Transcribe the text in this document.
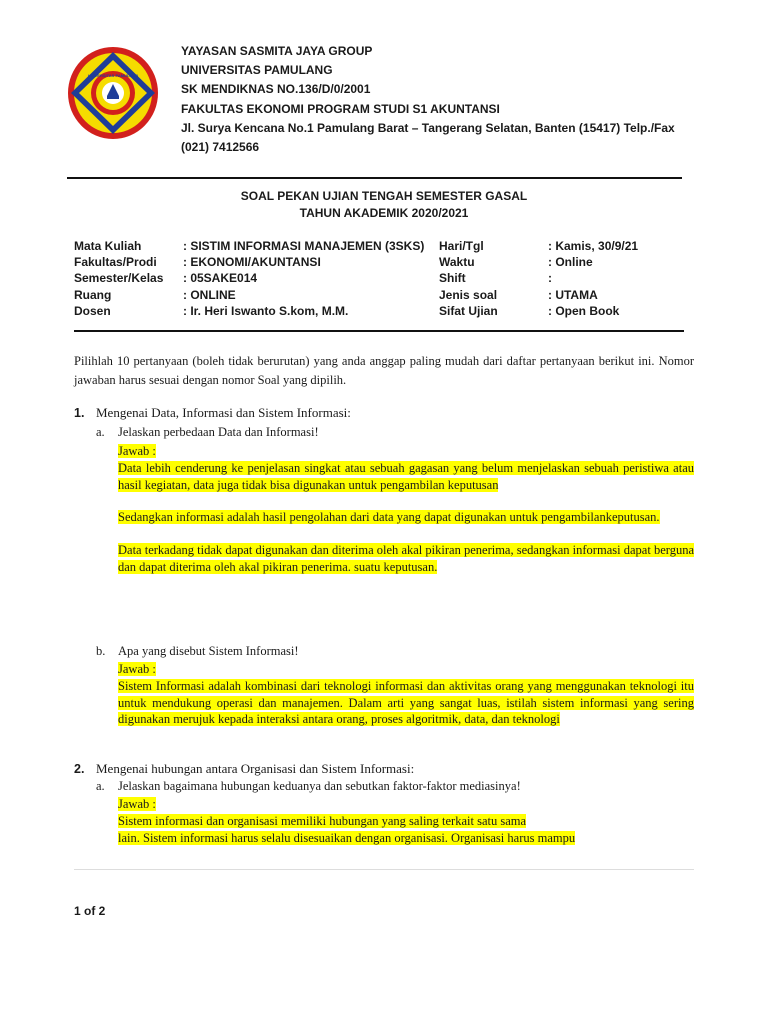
UNIVERSITAS PAMULANG
YAYASAN SASMITA JAYA GROUP
UNIVERSITAS PAMULANG
SK MENDIKNAS NO.136/D/0/2001
FAKULTAS EKONOMI PROGRAM STUDI S1 AKUNTANSI
Jl. Surya Kencana No.1 Pamulang Barat – Tangerang Selatan, Banten (15417) Telp./Fax
(021) 7412566
SOAL PEKAN UJIAN TENGAH SEMESTER GASAL
TAHUN AKADEMIK 2020/2021
Mata Kuliah
Fakultas/Prodi
Semester/Kelas
Ruang
Dosen
: SISTIM INFORMASI MANAJEMEN (3SKS)
: EKONOMI/AKUNTANSI
: 05SAKE014
: ONLINE
: Ir. Heri Iswanto S.kom, M.M.
Hari/Tgl
Waktu
Shift
Jenis soal
Sifat Ujian
: Kamis, 30/9/21
: Online
:
: UTAMA
: Open Book
Pilihlah 10 pertanyaan (boleh tidak berurutan) yang anda anggap paling mudah dari daftar pertanyaan berikut ini. Nomor jawaban harus sesuai dengan nomor Soal yang dipilih.
1. Mengenai Data, Informasi dan Sistem Informasi:
a. Jelaskan perbedaan Data dan Informasi!

Jawab :

Data lebih cenderung ke penjelasan singkat atau sebuah gagasan yang belum menjelaskan sebuah peristiwa atau hasil kegiatan, data juga tidak bisa digunakan untuk pengambilan keputusan

Sedangkan informasi adalah hasil pengolahan dari data yang dapat digunakan untuk pengambilankeputusan.

Data terkadang tidak dapat digunakan dan diterima oleh akal pikiran penerima, sedangkan informasi dapat berguna dan dapat diterima oleh akal pikiran penerima. suatu keputusan.

b. Apa yang disebut Sistem Informasi!

Jawab :

Sistem Informasi adalah kombinasi dari teknologi informasi dan aktivitas orang yang menggunakan teknologi itu untuk mendukung operasi dan manajemen. Dalam arti yang sangat luas, istilah sistem informasi yang sering digunakan merujuk kepada interaksi antara orang, proses algoritmik, data, dan teknologi

2. Mengenai hubungan antara Organisasi dan Sistem Informasi:
a. Jelaskan bagaimana hubungan keduanya dan sebutkan faktor-faktor mediasinya!

Jawab :

Sistem informasi dan organisasi memiliki hubungan yang saling terkait satu sama

lain. Sistem informasi harus selalu disesuaikan dengan organisasi. Organisasi harus mampu

1 of 2
